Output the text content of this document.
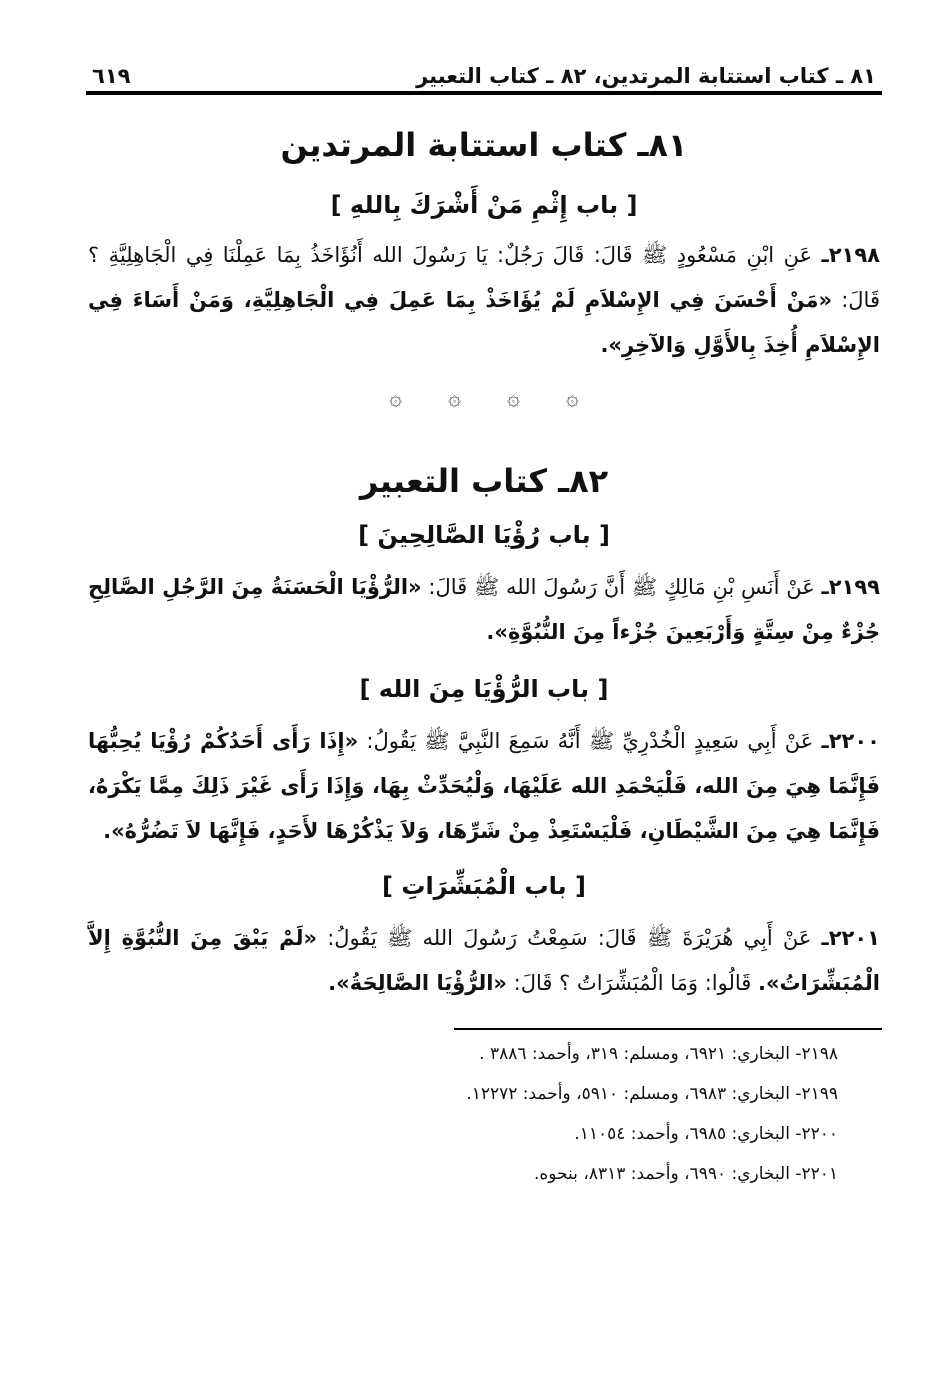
٨١ ـ كتاب استتابة المرتدين، ٨٢ ـ كتاب التعبير
٦١٩
٨١ـ كتاب استتابة المرتدين
[ باب إِثْمِ مَنْ أَشْرَكَ بِاللهِ ]

٢١٩٨ـ عَنِ ابْنِ مَسْعُودٍ ﷺ قَالَ: قَالَ رَجُلٌ: يَا رَسُولَ الله أَنُؤَاخَذُ بِمَا عَمِلْنَا فِي الْجَاهِلِيَّةِ ؟ قَالَ: «مَنْ أَحْسَنَ فِي الإِسْلاَمِ لَمْ يُؤَاخَذْ بِمَا عَمِلَ فِي الْجَاهِلِيَّةِ، وَمَنْ أَسَاءَ فِي الإِسْلاَمِ أُخِذَ بِالأَوَّلِ وَالآخِرِ».

۞
۞
۞
۞
٨٢ـ كتاب التعبير
[ باب رُؤْيَا الصَّالِحِينَ ]

٢١٩٩ـ عَنْ أَنَسِ بْنِ مَالِكٍ ﷺ أَنَّ رَسُولَ الله ﷺ قَالَ: «الرُّؤْيَا الْحَسَنَةُ مِنَ الرَّجُلِ الصَّالِحِ جُزْءٌ مِنْ سِتَّةٍ وَأَرْبَعِينَ جُزْءاً مِنَ النُّبُوَّةِ».

[ باب الرُّؤْيَا مِنَ الله ]

٢٢٠٠ـ عَنْ أَبِي سَعِيدٍ الْخُدْرِيِّ ﷺ أَنَّهُ سَمِعَ النَّبِيَّ ﷺ يَقُولُ: «إِذَا رَأَى أَحَدُكُمْ رُؤْيَا يُحِبُّهَا فَإِنَّمَا هِيَ مِنَ الله، فَلْيَحْمَدِ الله عَلَيْهَا، وَلْيُحَدِّثْ بِهَا، وَإِذَا رَأَى غَيْرَ ذَلِكَ مِمَّا يَكْرَهُ، فَإِنَّمَا هِيَ مِنَ الشَّيْطَانِ، فَلْيَسْتَعِذْ مِنْ شَرِّهَا، وَلاَ يَذْكُرْهَا لأَحَدٍ، فَإِنَّهَا لاَ تَضُرُّهُ».

[ باب الْمُبَشِّرَاتِ ]

٢٢٠١ـ عَنْ أَبِي هُرَيْرَةَ ﷺ قَالَ: سَمِعْتُ رَسُولَ الله ﷺ يَقُولُ: «لَمْ يَبْقَ مِنَ النُّبُوَّةِ إِلاَّ الْمُبَشِّرَاتُ». قَالُوا: وَمَا الْمُبَشِّرَاتُ ؟ قَالَ: «الرُّؤْيَا الصَّالِحَةُ».

٢١٩٨- البخاري: ٦٩٢١، ومسلم: ٣١٩، وأحمد: ٣٨٨٦ .
٢١٩٩- البخاري: ٦٩٨٣، ومسلم: ٥٩١٠، وأحمد: ١٢٢٧٢.
٢٢٠٠- البخاري: ٦٩٨٥، وأحمد: ١١٠٥٤.
٢٢٠١- البخاري: ٦٩٩٠، وأحمد: ٨٣١٣، بنحوه.
